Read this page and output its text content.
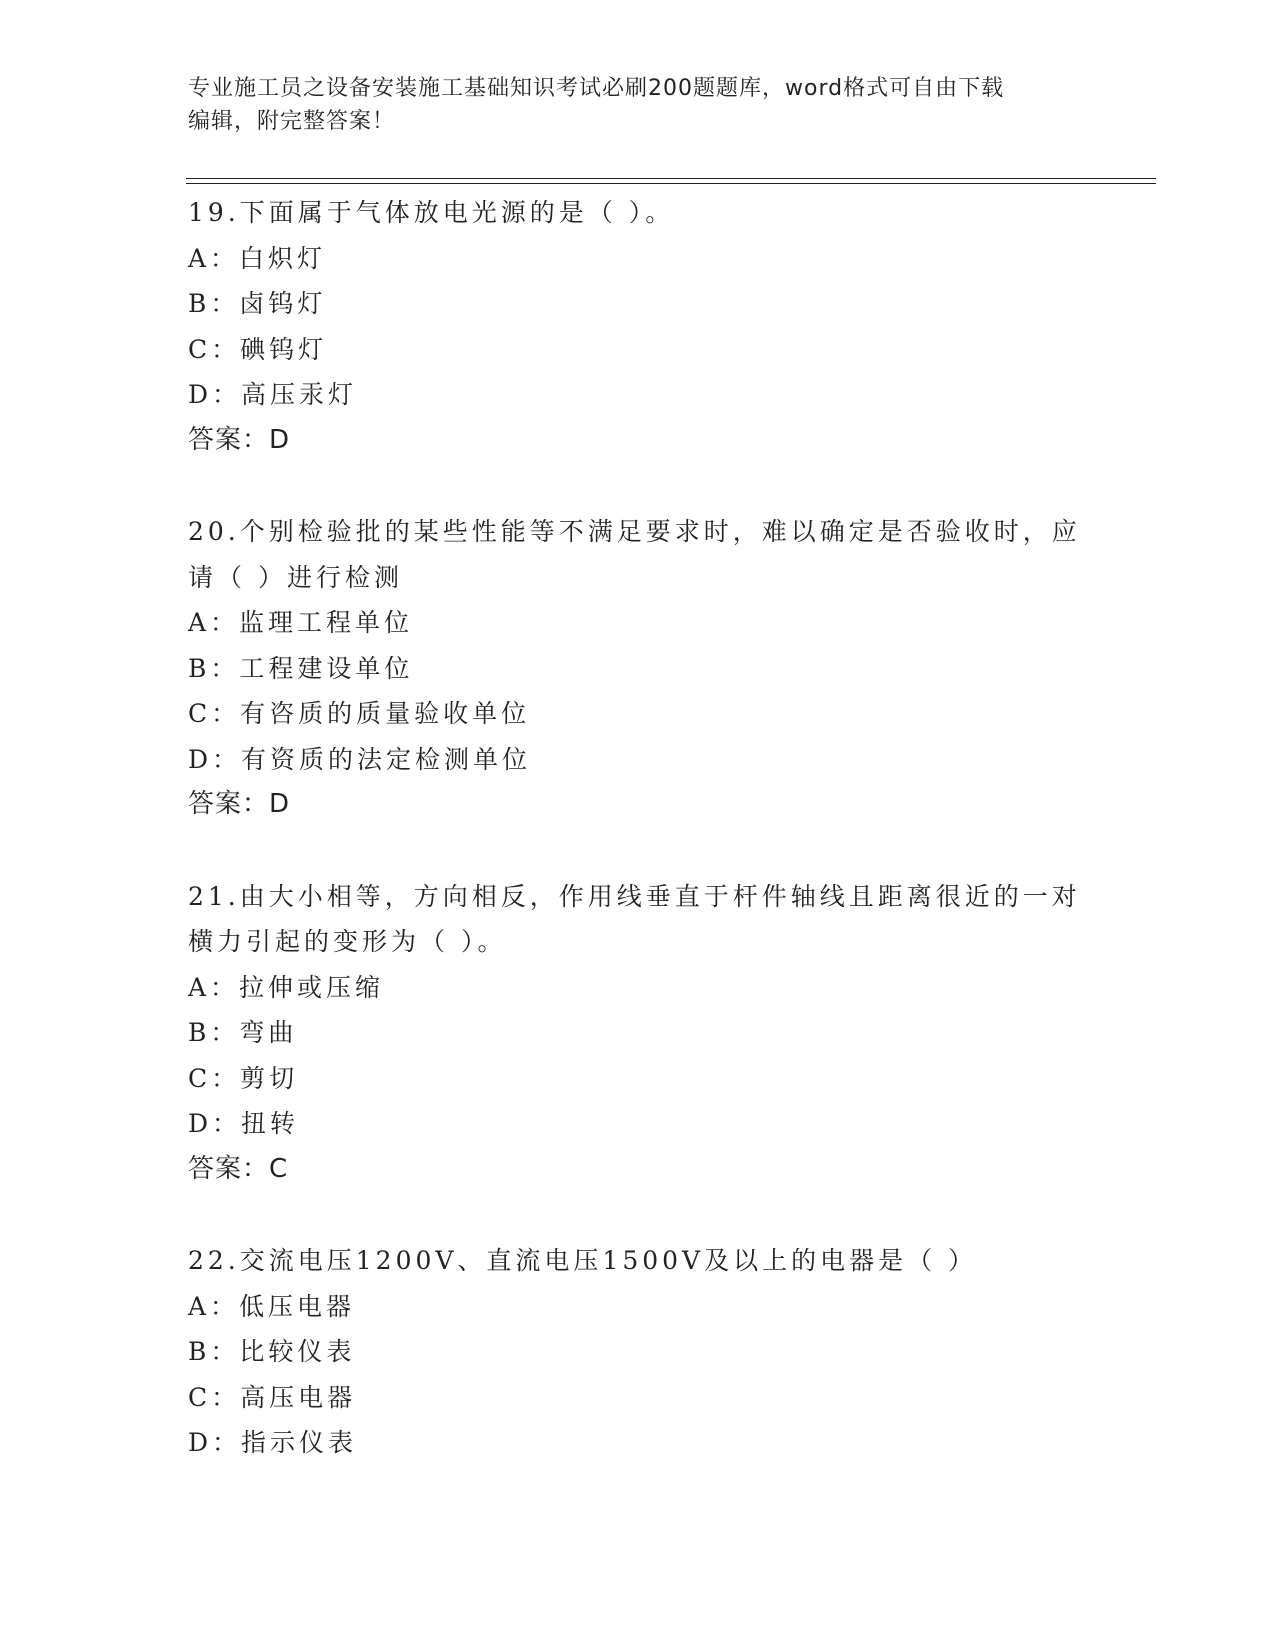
专业施工员之设备安装施工基础知识考试必刷200题题库，word格式可自由下载
编辑，附完整答案！
19.下面属于气体放电光源的是（ ）。
A：白炽灯
B：卤钨灯
C：碘钨灯
D：高压汞灯
答案：D
20.个别检验批的某些性能等不满足要求时，难以确定是否验收时，应
请（ ）进行检测
A：监理工程单位
B：工程建设单位
C：有咨质的质量验收单位
D：有资质的法定检测单位
答案：D
21.由大小相等，方向相反，作用线垂直于杆件轴线且距离很近的一对
横力引起的变形为（ ）。
A：拉伸或压缩
B：弯曲
C：剪切
D：扭转
答案：C
22.交流电压1200V、直流电压1500V及以上的电器是（ ）
A：低压电器
B：比较仪表
C：高压电器
D：指示仪表
